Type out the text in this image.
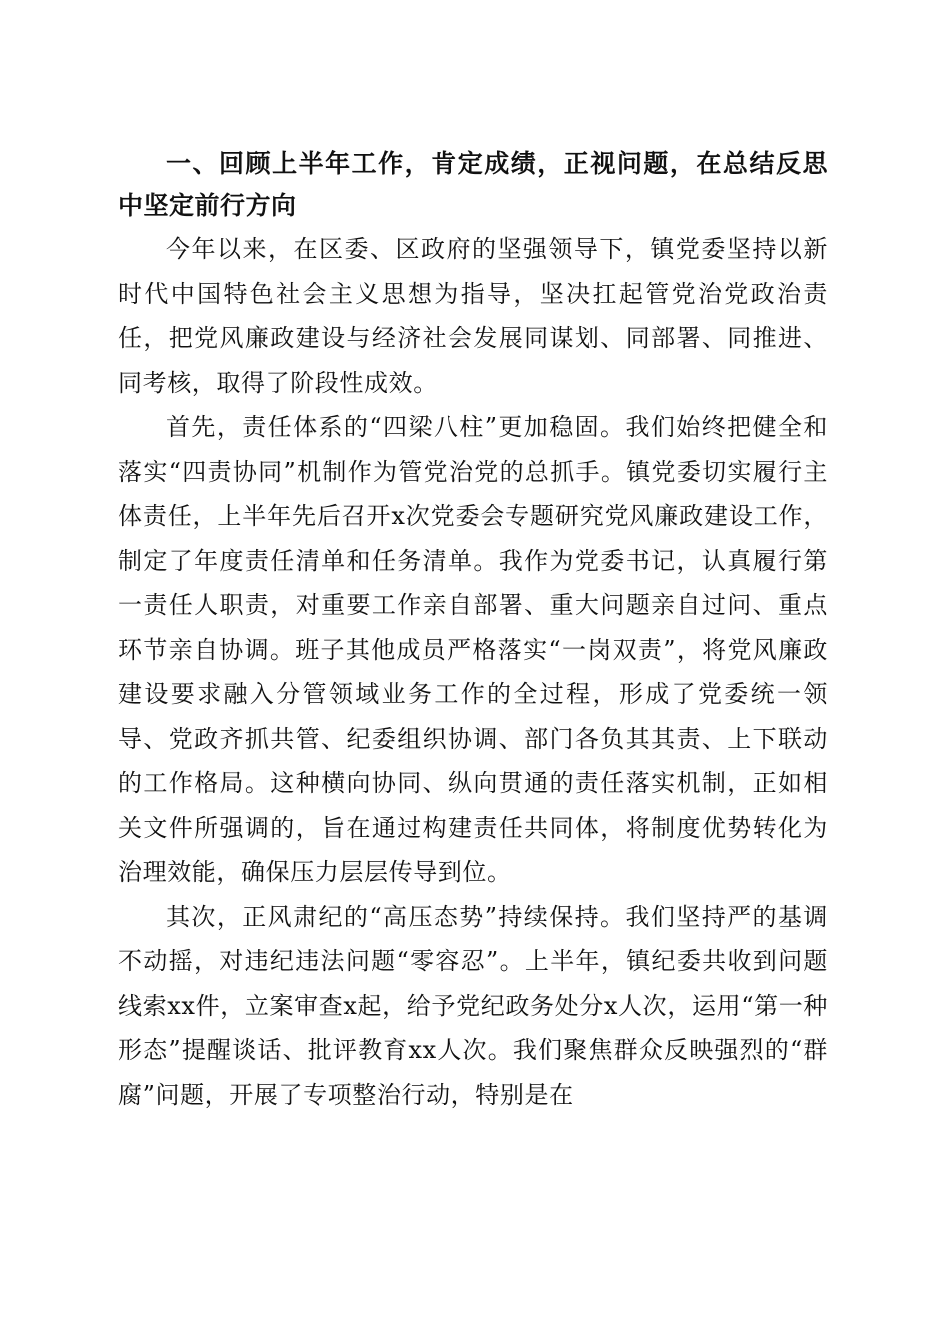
一、回顾上半年工作，肯定成绩，正视问题，在总结反思中坚定前行方向

今年以来，在区委、区政府的坚强领导下，镇党委坚持以新时代中国特色社会主义思想为指导，坚决扛起管党治党政治责任，把党风廉政建设与经济社会发展同谋划、同部署、同推进、同考核，取得了阶段性成效。

首先，责任体系的“四梁八柱”更加稳固。我们始终把健全和落实“四责协同”机制作为管党治党的总抓手。镇党委切实履行主体责任，上半年先后召开x次党委会专题研究党风廉政建设工作，制定了年度责任清单和任务清单。我作为党委书记，认真履行第一责任人职责，对重要工作亲自部署、重大问题亲自过问、重点环节亲自协调。班子其他成员严格落实“一岗双责”，将党风廉政建设要求融入分管领域业务工作的全过程，形成了党委统一领导、党政齐抓共管、纪委组织协调、部门各负其其责、上下联动的工作格局。这种横向协同、纵向贯通的责任落实机制，正如相关文件所强调的，旨在通过构建责任共同体，将制度优势转化为治理效能，确保压力层层传导到位。

其次，正风肃纪的“高压态势”持续保持。我们坚持严的基调不动摇，对违纪违法问题“零容忍”。上半年，镇纪委共收到问题线索xx件，立案审查x起，给予党纪政务处分x人次，运用“第一种形态”提醒谈话、批评教育xx人次。我们聚焦群众反映强烈的“群腐”问题，开展了专项整治行动，特别是在
